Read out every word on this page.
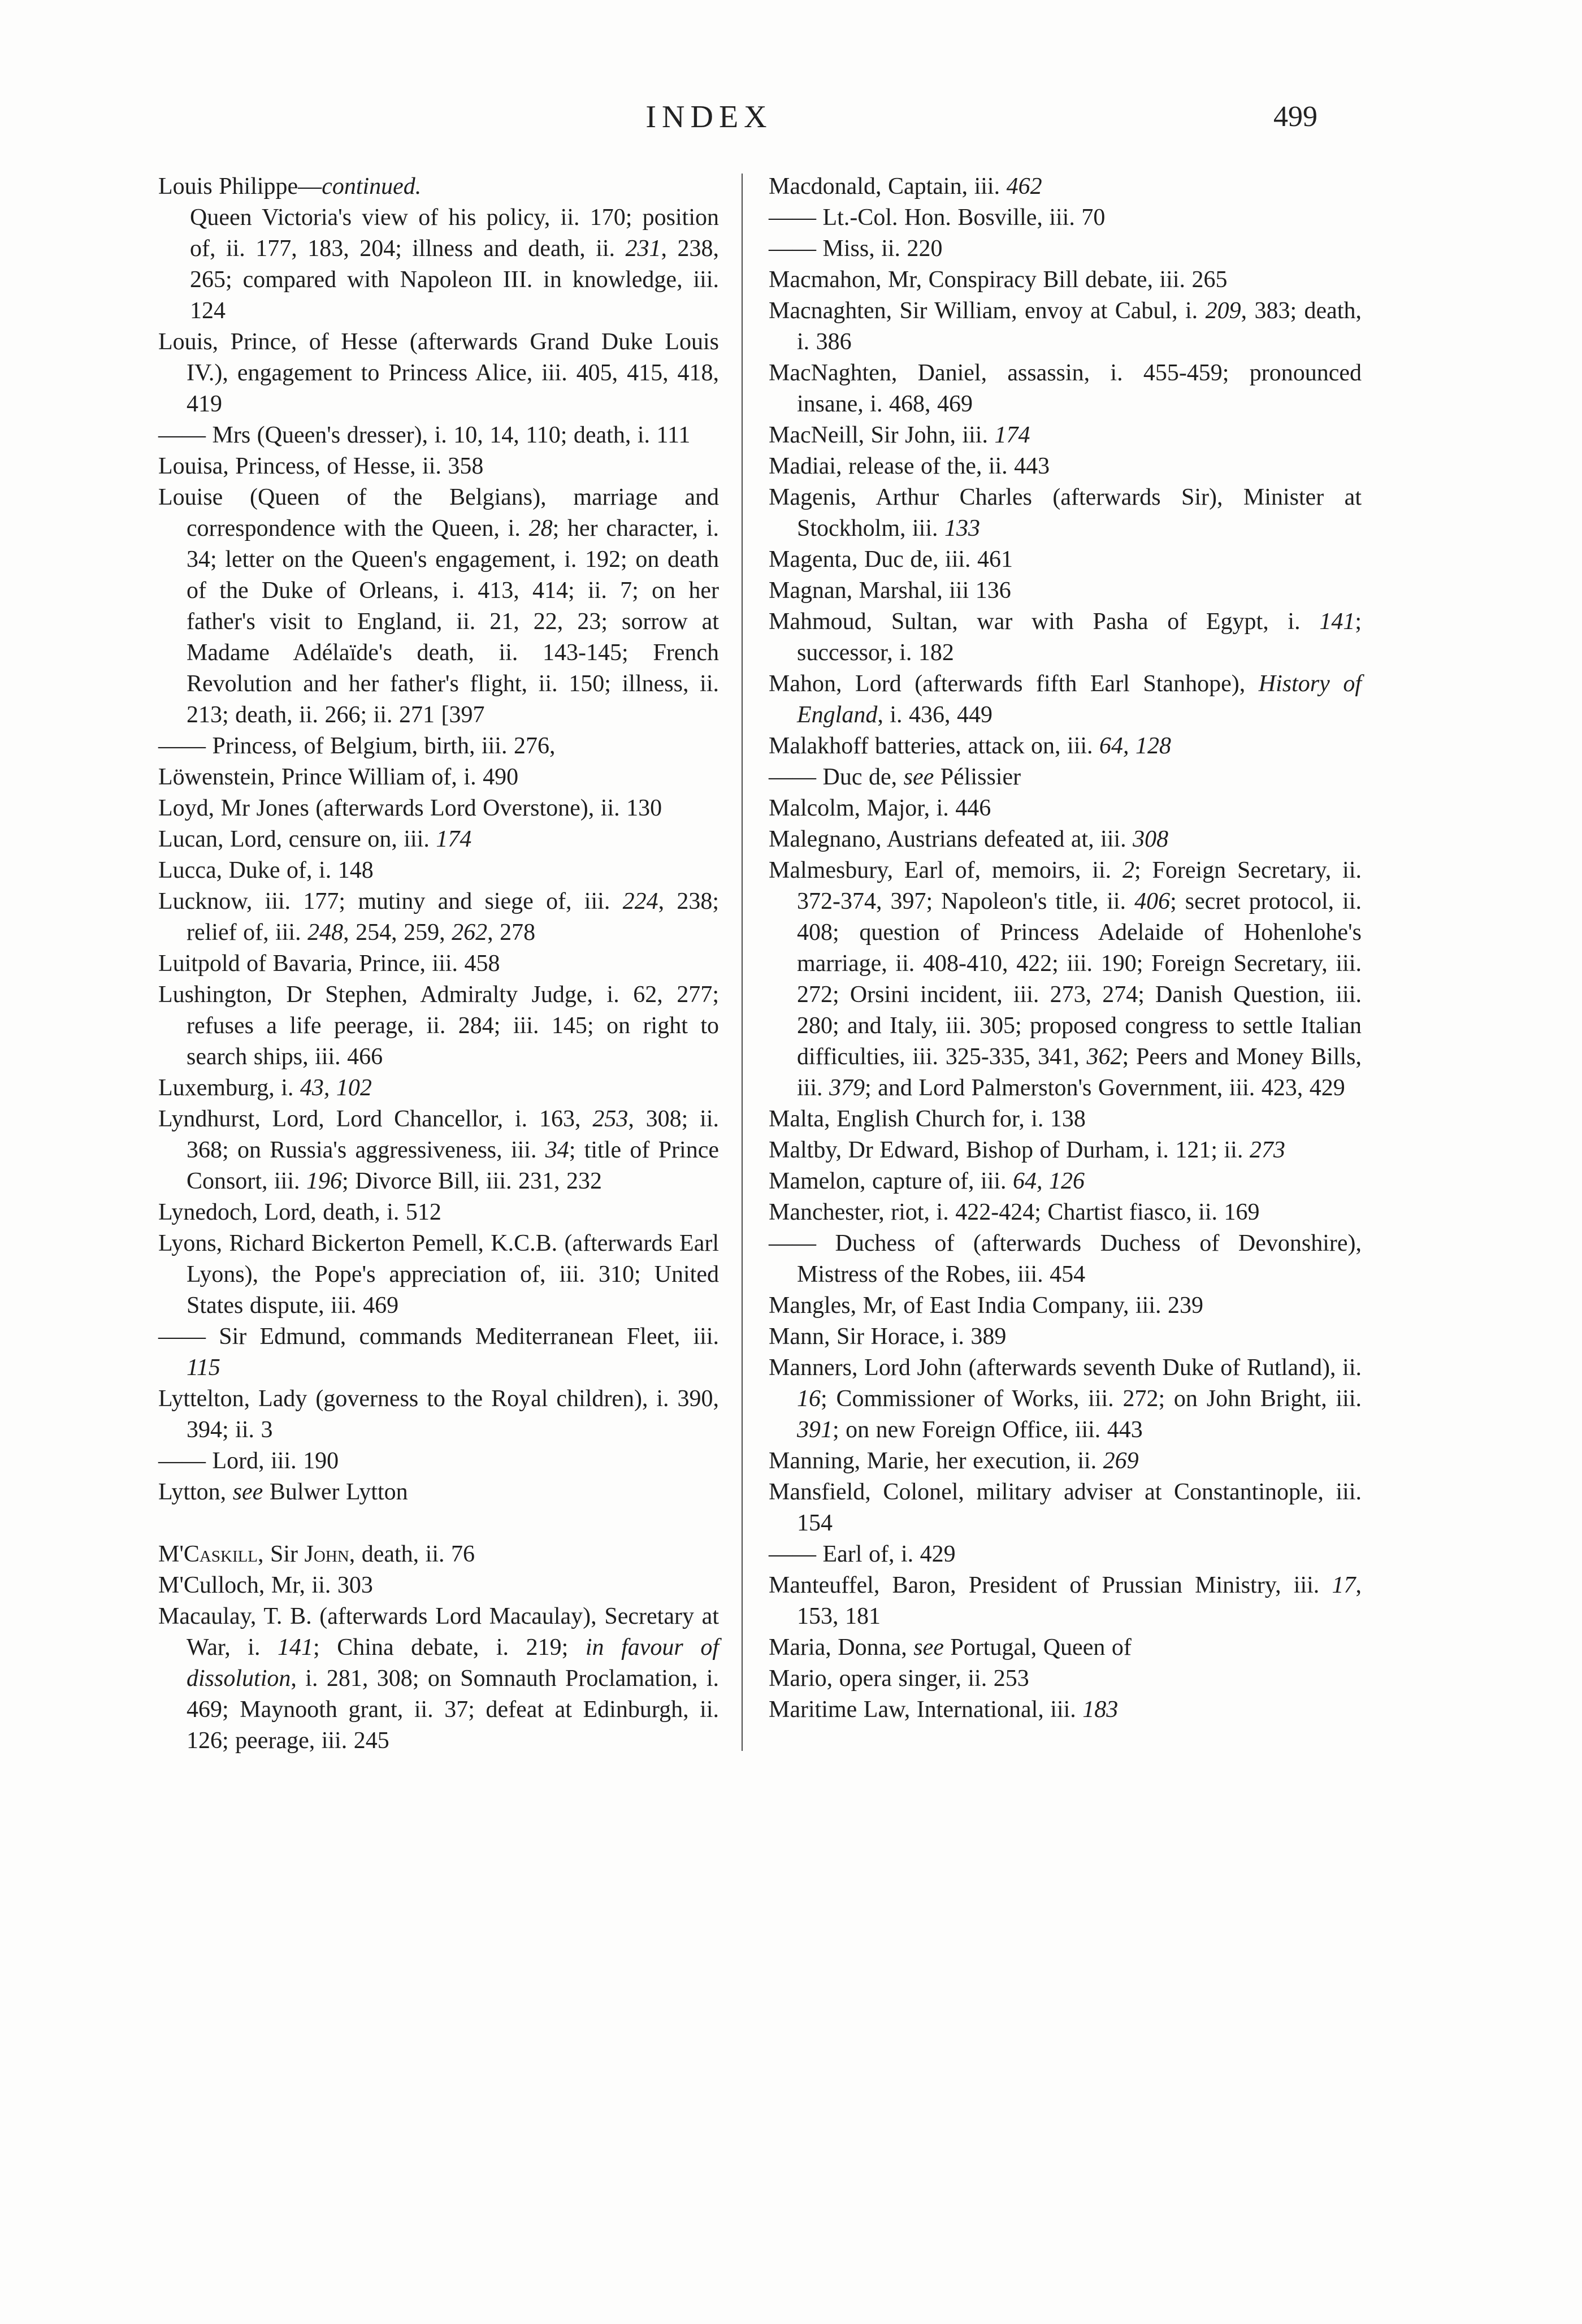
INDEX	499

Louis Philippe—continued.

Queen Victoria's view of his policy, ii. 170; position of, ii. 177, 183, 204; illness and death, ii. 231, 238, 265; compared with Napoleon III. in knowledge, iii. 124

Louis, Prince, of Hesse (afterwards Grand Duke Louis IV.), engagement to Princess Alice, iii. 405, 415, 418, 419

—— Mrs (Queen's dresser), i. 10, 14, 110; death, i. 111

Louisa, Princess, of Hesse, ii. 358

Louise (Queen of the Belgians), marriage and correspondence with the Queen, i. 28; her character, i. 34; letter on the Queen's engagement, i. 192; on death of the Duke of Orleans, i. 413, 414; ii. 7; on her father's visit to England, ii. 21, 22, 23; sorrow at Madame Adélaïde's death, ii. 143-145; French Revolution and her father's flight, ii. 150; illness, ii. 213; death, ii. 266; ii. 271 [397

—— Princess, of Belgium, birth, iii. 276,

Löwenstein, Prince William of, i. 490

Loyd, Mr Jones (afterwards Lord Overstone), ii. 130

Lucan, Lord, censure on, iii. 174

Lucca, Duke of, i. 148

Lucknow, iii. 177; mutiny and siege of, iii. 224, 238; relief of, iii. 248, 254, 259, 262, 278

Luitpold of Bavaria, Prince, iii. 458

Lushington, Dr Stephen, Admiralty Judge, i. 62, 277; refuses a life peerage, ii. 284; iii. 145; on right to search ships, iii. 466

Luxemburg, i. 43, 102

Lyndhurst, Lord, Lord Chancellor, i. 163, 253, 308; ii. 368; on Russia's aggressiveness, iii. 34; title of Prince Consort, iii. 196; Divorce Bill, iii. 231, 232

Lynedoch, Lord, death, i. 512

Lyons, Richard Bickerton Pemell, K.C.B. (afterwards Earl Lyons), the Pope's appreciation of, iii. 310; United States dispute, iii. 469

—— Sir Edmund, commands Mediterranean Fleet, iii. 115

Lyttelton, Lady (governess to the Royal children), i. 390, 394; ii. 3

—— Lord, iii. 190

Lytton, see Bulwer Lytton

M'Caskill, Sir John, death, ii. 76

M'Culloch, Mr, ii. 303

Macaulay, T. B. (afterwards Lord Macaulay), Secretary at War, i. 141; China debate, i. 219; in favour of dissolution, i. 281, 308; on Somnauth Proclamation, i. 469; Maynooth grant, ii. 37; defeat at Edinburgh, ii. 126; peerage, iii. 245

Macdonald, Captain, iii. 462

—— Lt.-Col. Hon. Bosville, iii. 70

—— Miss, ii. 220

Macmahon, Mr, Conspiracy Bill debate, iii. 265

Macnaghten, Sir William, envoy at Cabul, i. 209, 383; death, i. 386

MacNaghten, Daniel, assassin, i. 455-459; pronounced insane, i. 468, 469

MacNeill, Sir John, iii. 174

Madiai, release of the, ii. 443

Magenis, Arthur Charles (afterwards Sir), Minister at Stockholm, iii. 133

Magenta, Duc de, iii. 461

Magnan, Marshal, iii 136

Mahmoud, Sultan, war with Pasha of Egypt, i. 141; successor, i. 182

Mahon, Lord (afterwards fifth Earl Stanhope), History of England, i. 436, 449

Malakhoff batteries, attack on, iii. 64, 128

—— Duc de, see Pélissier

Malcolm, Major, i. 446

Malegnano, Austrians defeated at, iii. 308

Malmesbury, Earl of, memoirs, ii. 2; Foreign Secretary, ii. 372-374, 397; Napoleon's title, ii. 406; secret protocol, ii. 408; question of Princess Adelaide of Hohenlohe's marriage, ii. 408-410, 422; iii. 190; Foreign Secretary, iii. 272; Orsini incident, iii. 273, 274; Danish Question, iii. 280; and Italy, iii. 305; proposed congress to settle Italian difficulties, iii. 325-335, 341, 362; Peers and Money Bills, iii. 379; and Lord Palmerston's Government, iii. 423, 429

Malta, English Church for, i. 138

Maltby, Dr Edward, Bishop of Durham, i. 121; ii. 273

Mamelon, capture of, iii. 64, 126

Manchester, riot, i. 422-424; Chartist fiasco, ii. 169

—— Duchess of (afterwards Duchess of Devonshire), Mistress of the Robes, iii. 454

Mangles, Mr, of East India Company, iii. 239

Mann, Sir Horace, i. 389

Manners, Lord John (afterwards seventh Duke of Rutland), ii. 16; Commissioner of Works, iii. 272; on John Bright, iii. 391; on new Foreign Office, iii. 443

Manning, Marie, her execution, ii. 269

Mansfield, Colonel, military adviser at Constantinople, iii. 154

—— Earl of, i. 429

Manteuffel, Baron, President of Prussian Ministry, iii. 17, 153, 181

Maria, Donna, see Portugal, Queen of

Mario, opera singer, ii. 253

Maritime Law, International, iii. 183
